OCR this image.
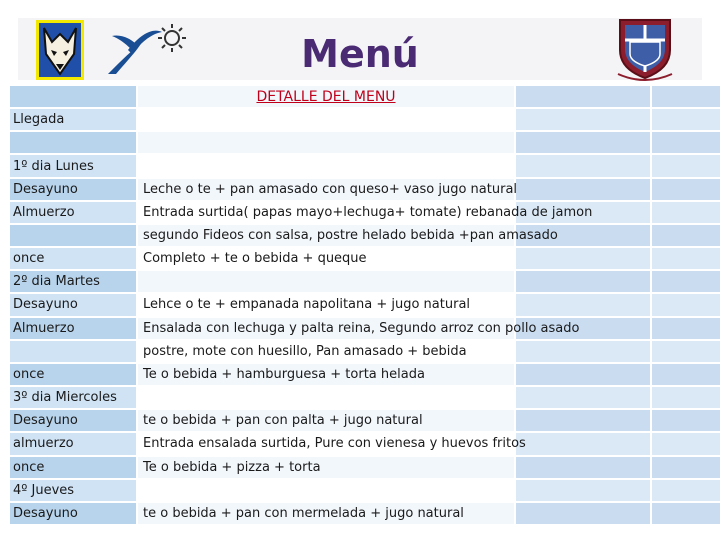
Menú
	DETALLE DEL MENU		
Llegada			

1º dia Lunes			
Desayuno	Leche o te + pan amasado con queso+ vaso jugo natural		
Almuerzo	Entrada surtida( papas mayo+lechuga+ tomate) rebanada de jamon		
	segundo Fideos con salsa, postre helado bebida +pan amasado		
once	Completo + te o bebida + queque		
2º dia Martes			
Desayuno	Lehce o te + empanada napolitana + jugo natural		
Almuerzo	Ensalada con lechuga y palta reina, Segundo arroz con pollo asado		
	postre, mote con huesillo, Pan amasado + bebida		
once	Te o bebida + hamburguesa + torta helada		
3º dia Miercoles			
Desayuno	te o bebida + pan con palta + jugo natural		
almuerzo	Entrada ensalada surtida, Pure con vienesa y huevos fritos		
once	Te o bebida + pizza + torta		
4º Jueves			
Desayuno	te o bebida + pan con mermelada + jugo natural		
